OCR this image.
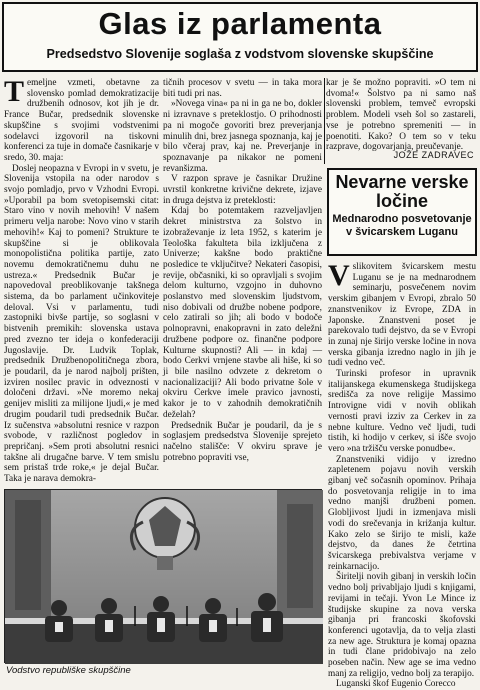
Glas iz parlamenta
Predsedstvo Slovenije soglaša z vodstvom slovenske skupščine

Temeljne vzmeti, obetavne za slovensko pomlad demokratizacije družbenih odnosov, kot jih je dr. France Bučar, predsednik slovenske skupščine s svojimi vodstvenimi sodelavci izgovoril na tiskovni konferenci za tuje in domače časnikarje v sredo, 30. maja:

Doslej neopazna v Evropi in v svetu, je Slovenija vstopila na oder narodov s svojo pomladjo, prvo v Vzhodni Evropi. »Uporabil pa bom svetopisemski citat: Staro vino v novih mehovih! V našem primeru velja narobe: Novo vino v starih mehovih!« Kaj to pomeni? Strukture te skupščine si je oblikovala monopolistična politika partije, zato novemu demokratičnemu duhu ne ustreza.« Predsednik Bučar je napovedoval preoblikovanje takšnega sistema, da bo parlament učinkoviteje deloval. Vsi v parlamentu, tudi zastopniki bivše partije, so soglasni v bistvenih premikih: slovenska ustava pred zvezno ter ideja o konfederaciji Jugoslavije. Dr. Ludvik Toplak, predsednik Družbenopolitičnega zbora, je poudaril, da je narod najbolj prišten, izviren nosilec pravic in odveznosti v določeni državi. »Ne moremo nekaj genijev misliti za milijone ljudi,« je med drugim poudaril tudi predsednik Bučar. Iz sučenstva »absolutni resnice v razpon svobode, v različnost pogledov in prepričanj. »Sem proti absolutni resnici takšne ali drugačne barve. V tem smislu sem pristaš trde roke,« je dejal Bučar. Taka je narava demokra-

tičnih procesov v svetu — in taka mora biti tudi pri nas.

»Novega vina« pa ni in ga ne bo, dokler ni izravnave s preteklostjo. O prihodnosti pa ni mogoče govoriti brez preverjanja minulih dni, brez jasnega spoznanja, kaj je bilo včeraj prav, kaj ne. Preverjanje in spoznavanje pa nikakor ne pomeni revanšizma.

V razpon sprave je časnikar Družine uvrstil konkretne krivične dekrete, izjave in druga dejstva iz preteklosti:

Kdaj bo potemtakem razveljavljen dekret ministrstva za šolstvo in izobraževanje iz leta 1952, s katerim je Teološka fakulteta bila izključena z Univerze; kakšne bodo praktične posledice te vključitve? Nekateri časopisi, revije, občasniki, ki so opravljali s svojim delom kulturno, vzgojno in duhovno poslanstvo med slovenskim ljudstvom, niso dobivali od družbe nobene podpore, celo zatirali so jih; ali bodo v bodoče polnopravni, enakopravni in zato deležni družbene podpore oz. finančne podpore Kulturne skupnosti? Ali — in kdaj — bodo Cerkvi vrnjene stavbe ali hiše, ki so ji bile nasilno odvzete z dekretom o nacionalizaciji? Ali bodo privatne šole v okviru Cerkve imele pravico javnosti, kakor je to v zahodnih demokratičnih deželah?

Predsednik Bučar je poudaril, da je s soglasjem predsedstva Slovenije sprejeto načelno stališče: V okviru sprave je potrebno popraviti vse,

kar je še možno popraviti. »O tem ni dvoma!« Šolstvo pa ni samo naš slovenski problem, temveč evropski problem. Modeli vseh šol so zastareli, vse je potrebno spremeniti — in poenotiti. Kako? O tem so v teku razprave, dogovarjanja, preučevanje.

JOŽE ZADRAVEC
Nevarne verske ločine
Mednarodno posvetovanje v švicarskem Luganu

Vslikovitem švicarskem mestu Luganu se je na mednarodnem seminarju, posvečenem novim verskim gibanjem v Evropi, zbralo 50 znanstvenikov iz Evrope, ZDA in Japonske. Znanstveni poset je parekovalo tudi dejstvo, da se v Evropi in zunaj nje širijo verske ločine in nova verska gibanja izredno naglo in jih je tudi vedno več.

Turinski profesor in upravnik italijanskega ekumenskega študijskega središča za nove religije Massimo Introvigne vidi v novih oblikah vernosti pravi izziv za Cerkev in za nebne kulture. Vedno več ljudi, tudi tistih, ki hodijo v cerkev, si išče svojo vero »na tržišču verske ponudbe«.

Znanstveniki vidijo v izredno zapletenem pojavu novih verskih gibanj več sočasnih opominov. Prihaja do posvetovanja religije in to ima vedno manjši družbeni pomen. Globljivost ljudi in izmenjava misli vodi do srečevanja in križanja kultur. Kako zelo se širijo te misli, kaže dejstvo, da danes že četrtina švicarskega prebivalstva verjame v reinkarnacijo.

Širitelji novih gibanj in verskih ločin vedno bolj privabljajo ljudi s knjigami, revijami in tečaji. Yvon Le Mince iz študijske skupine za nova verska gibanja pri francoski škofovski konferenci ugotavlja, da to velja zlasti za new age. Struktura je komaj opazna in tudi člane pridobivajo na zelo poseben način. New age se ima vedno manj za religijo, vedno bolj za terapijo.

Luganski škof Eugenio Corecco

Vodstvo republiške skupščine
